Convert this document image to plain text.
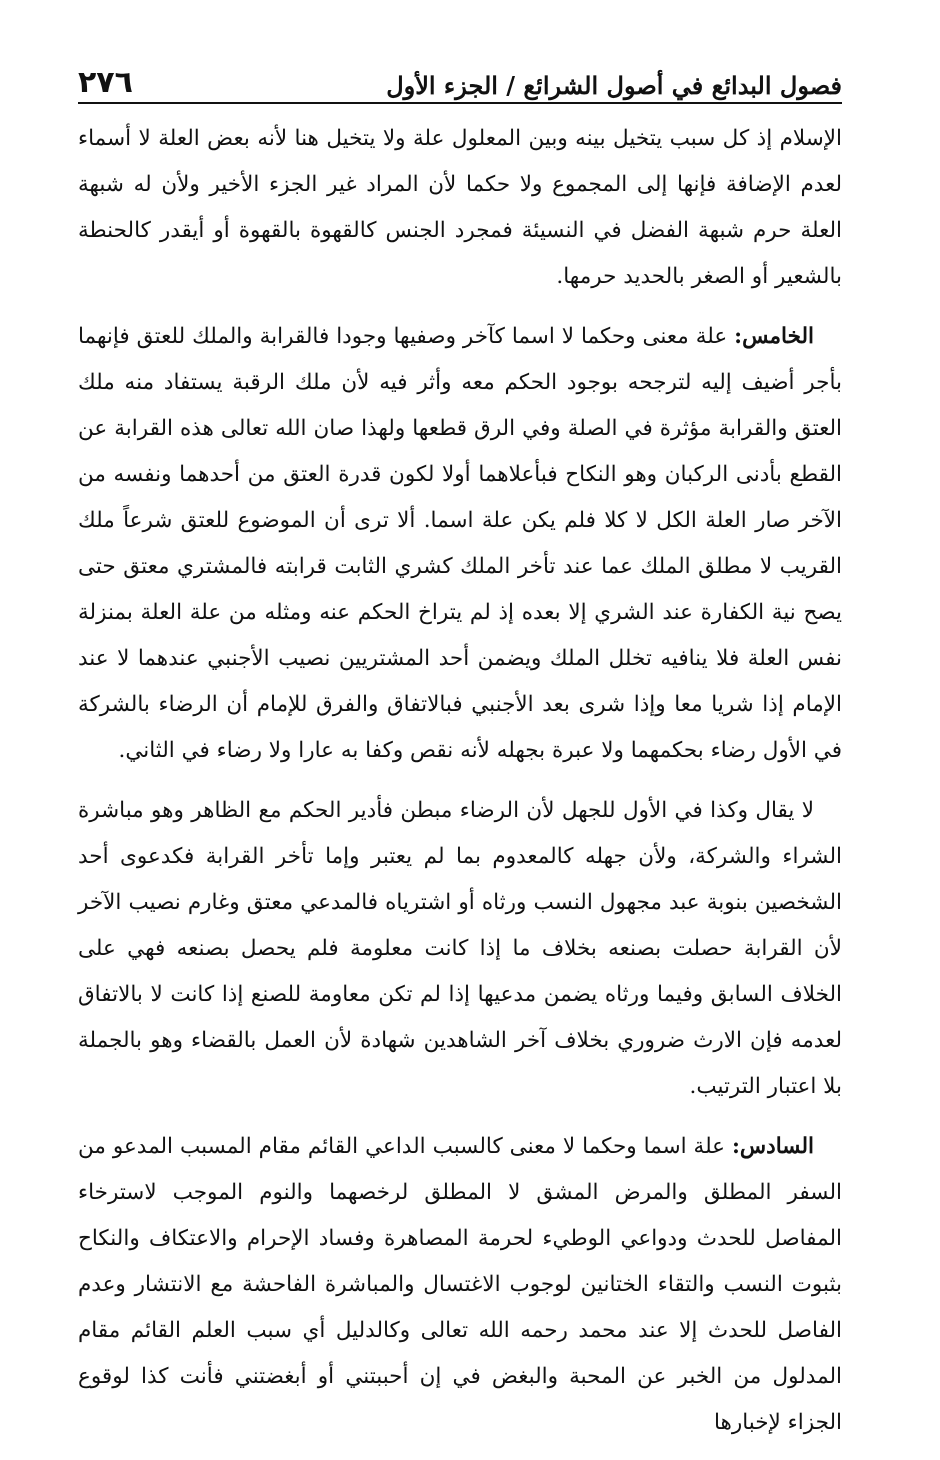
فصول البدائع في أصول الشرائع / الجزء الأول
٢٧٦

الإسلام إذ كل سبب يتخيل بينه وبين المعلول علة ولا يتخيل هنا لأنه بعض العلة لا أسماء لعدم الإضافة فإنها إلى المجموع ولا حكما لأن المراد غير الجزء الأخير ولأن له شبهة العلة حرم شبهة الفضل في النسيئة فمجرد الجنس كالقهوة بالقهوة أو أيقدر كالحنطة بالشعير أو الصغر بالحديد حرمها.

الخامس: علة معنى وحكما لا اسما كآخر وصفيها وجودا فالقرابة والملك للعتق فإنهما بأجر أضيف إليه لترجحه بوجود الحكم معه وأثر فيه لأن ملك الرقبة يستفاد منه ملك العتق والقرابة مؤثرة في الصلة وفي الرق قطعها ولهذا صان الله تعالى هذه القرابة عن القطع بأدنى الركبان وهو النكاح فبأعلاهما أولا لكون قدرة العتق من أحدهما ونفسه من الآخر صار العلة الكل لا كلا فلم يكن علة اسما. ألا ترى أن الموضوع للعتق شرعاً ملك القريب لا مطلق الملك عما عند تأخر الملك كشري الثابت قرابته فالمشتري معتق حتى يصح نية الكفارة عند الشري إلا بعده إذ لم يتراخ الحكم عنه ومثله من علة العلة بمنزلة نفس العلة فلا ينافيه تخلل الملك ويضمن أحد المشتريين نصيب الأجنبي عندهما لا عند الإمام إذا شريا معا وإذا شرى بعد الأجنبي فبالاتفاق والفرق للإمام أن الرضاء بالشركة في الأول رضاء بحكمهما ولا عبرة بجهله لأنه نقص وكفا به عارا ولا رضاء في الثاني.

لا يقال وكذا في الأول للجهل لأن الرضاء مبطن فأدير الحكم مع الظاهر وهو مباشرة الشراء والشركة، ولأن جهله كالمعدوم بما لم يعتبر وإما تأخر القرابة فكدعوى أحد الشخصين بنوبة عبد مجهول النسب ورثاه أو اشترياه فالمدعي معتق وغارم نصيب الآخر لأن القرابة حصلت بصنعه بخلاف ما إذا كانت معلومة فلم يحصل بصنعه فهي على الخلاف السابق وفيما ورثاه يضمن مدعيها إذا لم تكن معاومة للصنع إذا كانت لا بالاتفاق لعدمه فإن الارث ضروري بخلاف آخر الشاهدين شهادة لأن العمل بالقضاء وهو بالجملة بلا اعتبار الترتيب.

السادس: علة اسما وحكما لا معنى كالسبب الداعي القائم مقام المسبب المدعو من السفر المطلق والمرض المشق لا المطلق لرخصهما والنوم الموجب لاسترخاء المفاصل للحدث ودواعي الوطيء لحرمة المصاهرة وفساد الإحرام والاعتكاف والنكاح بثبوت النسب والتقاء الختانين لوجوب الاغتسال والمباشرة الفاحشة مع الانتشار وعدم الفاصل للحدث إلا عند محمد رحمه الله تعالى وكالدليل أي سبب العلم القائم مقام المدلول من الخبر عن المحبة والبغض في إن أحببتني أو أبغضتني فأنت كذا لوقوع الجزاء لإخبارها
